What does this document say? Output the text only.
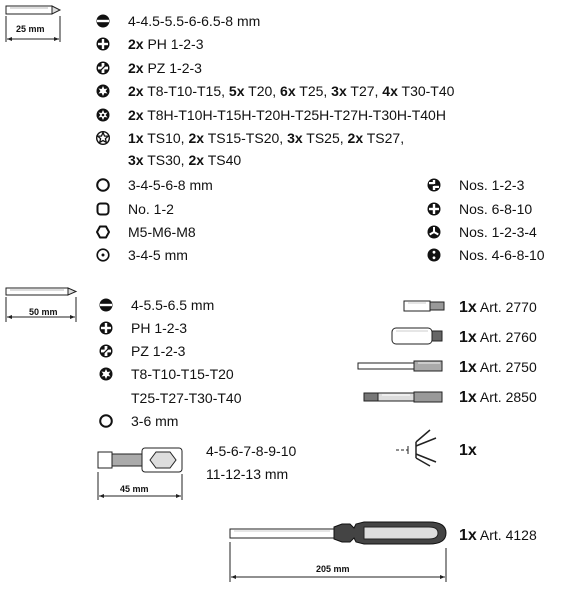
25 mm	4-4.5-5.5-6-6.5-8 mm
2x PH 1-2-3
2x PZ 1-2-3
2x T8-T10-T15, 5x T20, 6x T25, 3x T27, 4x T30-T40
2x T8H-T10H-T15H-T20H-T25H-T27H-T30H-T40H
1x TS10, 2x TS15-TS20, 3x TS25, 2x TS27,
3x TS30, 2x TS40
3-4-5-6-8 mm
No. 1-2
M5-M6-M8
3-4-5 mm
Nos. 1-2-3
Nos. 6-8-10
Nos. 1-2-3-4
Nos. 4-6-8-10
50 mm	4-5.5-6.5 mm
PH 1-2-3
PZ 1-2-3
T8-T10-T15-T20
T25-T27-T30-T40
3-6 mm
1x Art. 2770
1x Art. 2760
1x Art. 2750
1x Art. 2850
1x
45 mm
4-5-6-7-8-9-10
11-12-13 mm
205 mm
1x Art. 4128
